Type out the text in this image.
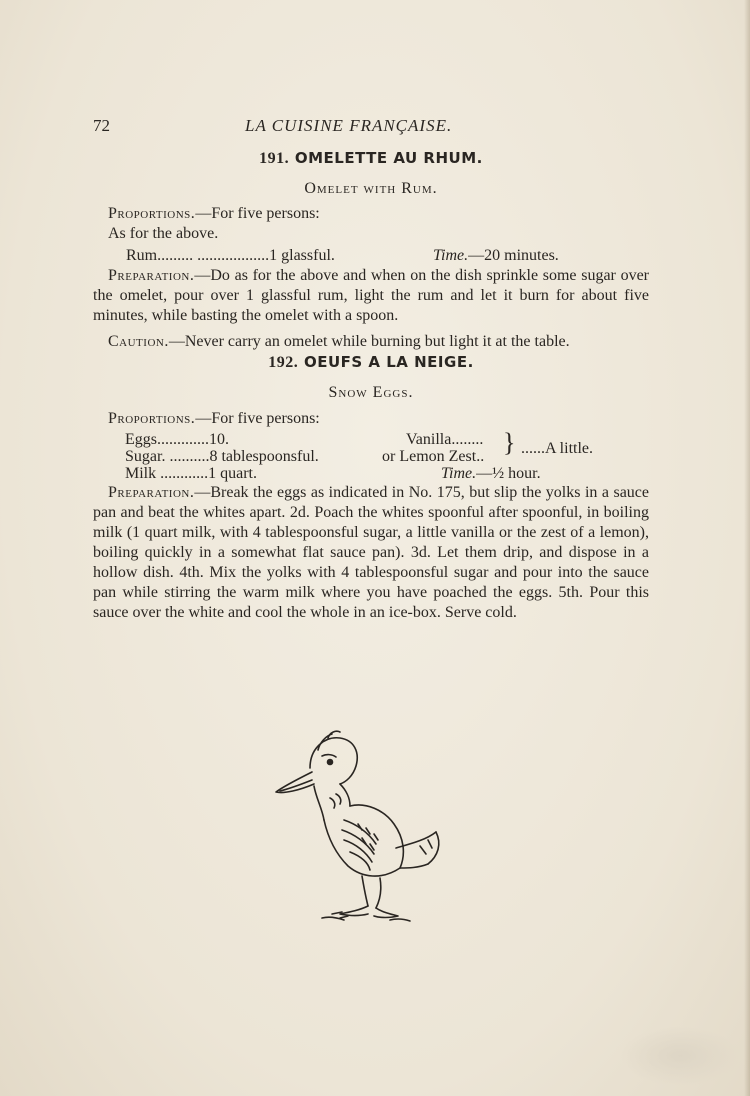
72	LA CUISINE FRANÇAISE.
191. OMELETTE AU RHUM.
Omelet with Rum.

Proportions.—For five persons:

As for the above.

Rum......... ..................1 glassful.	Time.—20 minutes.

Preparation.—Do as for the above and when on the dish sprinkle some sugar over the omelet, pour over 1 glassful rum, light the rum and let it burn for about five minutes, while basting the omelet with a spoon.

Caution.—Never carry an omelet while burning but light it at the table.

192. OEUFS A LA NEIGE.
Snow Eggs.

Proportions.—For five persons:

Eggs.............10.
Sugar. ..........8 tablespoonsful.
Milk ............1 quart.
Vanilla........
or Lemon Zest.. } ......A little.
Time.—½ hour.

Preparation.—Break the eggs as indicated in No. 175, but slip the yolks in a sauce pan and beat the whites apart. 2d. Poach the whites spoonful after spoonful, in boiling milk (1 quart milk, with 4 tablespoonsful sugar, a little vanilla or the zest of a lemon), boiling quickly in a somewhat flat sauce pan). 3d. Let them drip, and dispose in a hollow dish. 4th. Mix the yolks with 4 tablespoonsful sugar and pour into the sauce pan while stirring the warm milk where you have poached the eggs. 5th. Pour this sauce over the white and cool the whole in an ice-box. Serve cold.
